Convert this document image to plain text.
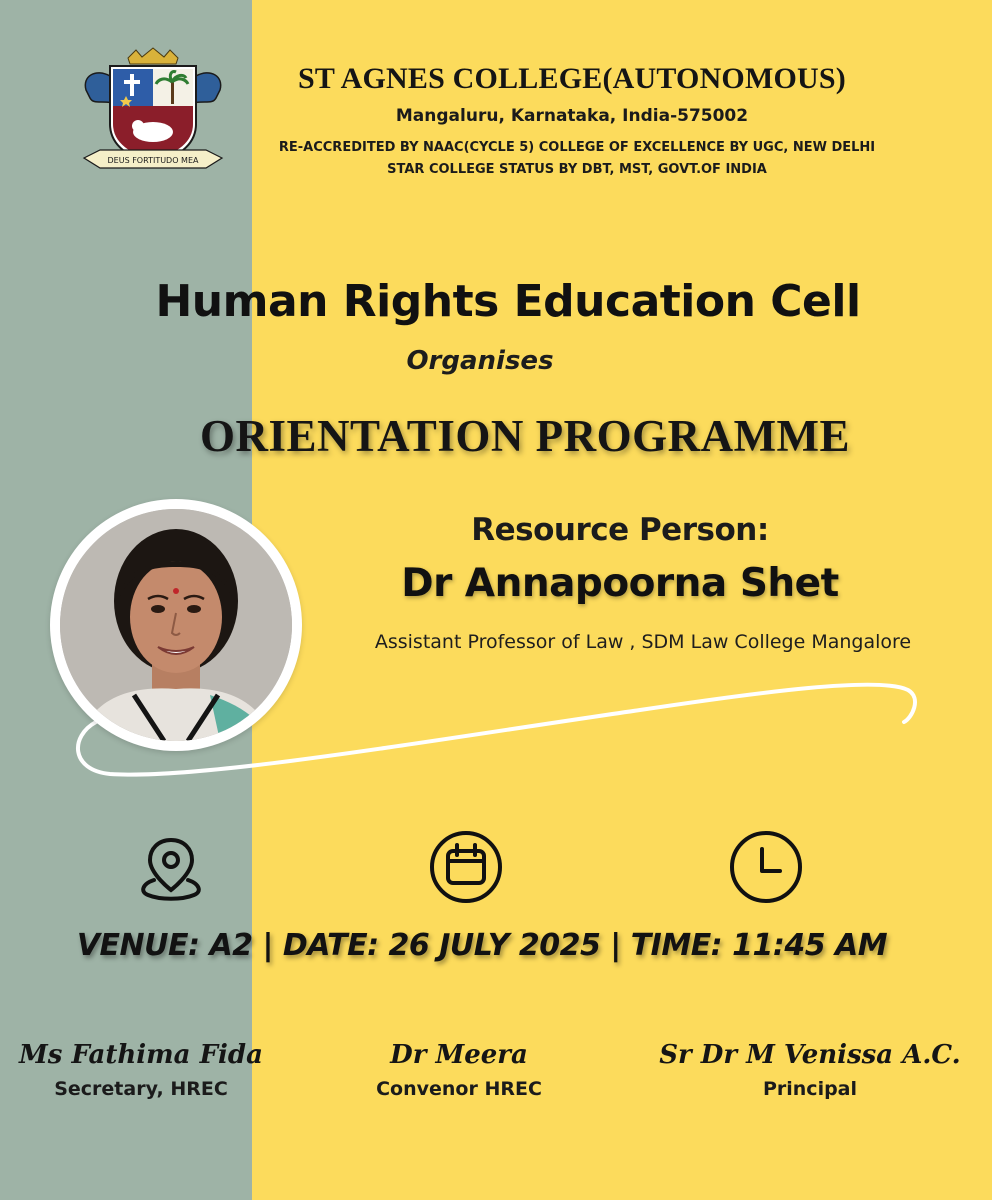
DEUS FORTITUDO MEA
ST AGNES COLLEGE(AUTONOMOUS)
Mangaluru, Karnataka, India-575002
RE-ACCREDITED BY NAAC(CYCLE 5) COLLEGE OF EXCELLENCE BY UGC, NEW DELHI
STAR COLLEGE STATUS BY DBT, MST, GOVT.OF INDIA
Human Rights Education Cell
Organises
ORIENTATION PROGRAMME
Resource Person:
Dr Annapoorna Shet
Assistant Professor of Law , SDM Law College Mangalore
VENUE: A2 | DATE: 26 JULY 2025 | TIME: 11:45 AM
Ms Fathima Fida
Secretary, HREC
Dr Meera
Convenor HREC
Sr Dr M Venissa A.C.
Principal
